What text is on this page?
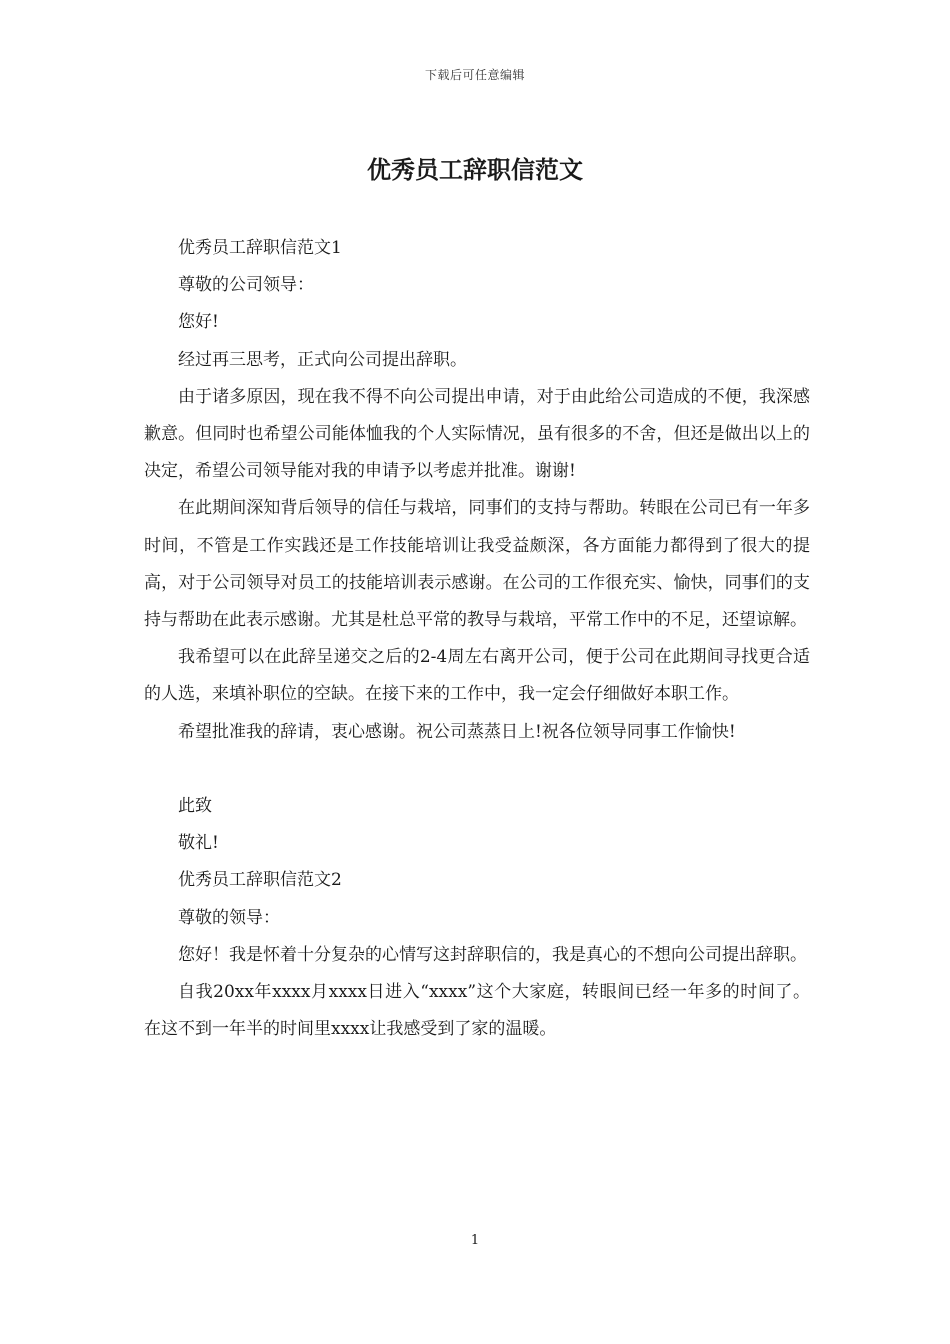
下载后可任意编辑
优秀员工辞职信范文

优秀员工辞职信范文1

尊敬的公司领导：

您好!

经过再三思考，正式向公司提出辞职。

由于诸多原因，现在我不得不向公司提出申请，对于由此给公司造成的不便，我深感歉意。但同时也希望公司能体恤我的个人实际情况，虽有很多的不舍，但还是做出以上的决定，希望公司领导能对我的申请予以考虑并批准。谢谢!

在此期间深知背后领导的信任与栽培，同事们的支持与帮助。转眼在公司已有一年多时间，不管是工作实践还是工作技能培训让我受益颇深，各方面能力都得到了很大的提高，对于公司领导对员工的技能培训表示感谢。在公司的工作很充实、愉快，同事们的支持与帮助在此表示感谢。尤其是杜总平常的教导与栽培，平常工作中的不足，还望谅解。

我希望可以在此辞呈递交之后的2-4周左右离开公司，便于公司在此期间寻找更合适的人选，来填补职位的空缺。在接下来的工作中，我一定会仔细做好本职工作。

希望批准我的辞请，衷心感谢。祝公司蒸蒸日上!祝各位领导同事工作愉快!

此致

敬礼!

优秀员工辞职信范文2

尊敬的领导：

您好！我是怀着十分复杂的心情写这封辞职信的，我是真心的不想向公司提出辞职。

自我20xx年xxxx月xxxx日进入“xxxx”这个大家庭，转眼间已经一年多的时间了。在这不到一年半的时间里xxxx让我感受到了家的温暖。

1
